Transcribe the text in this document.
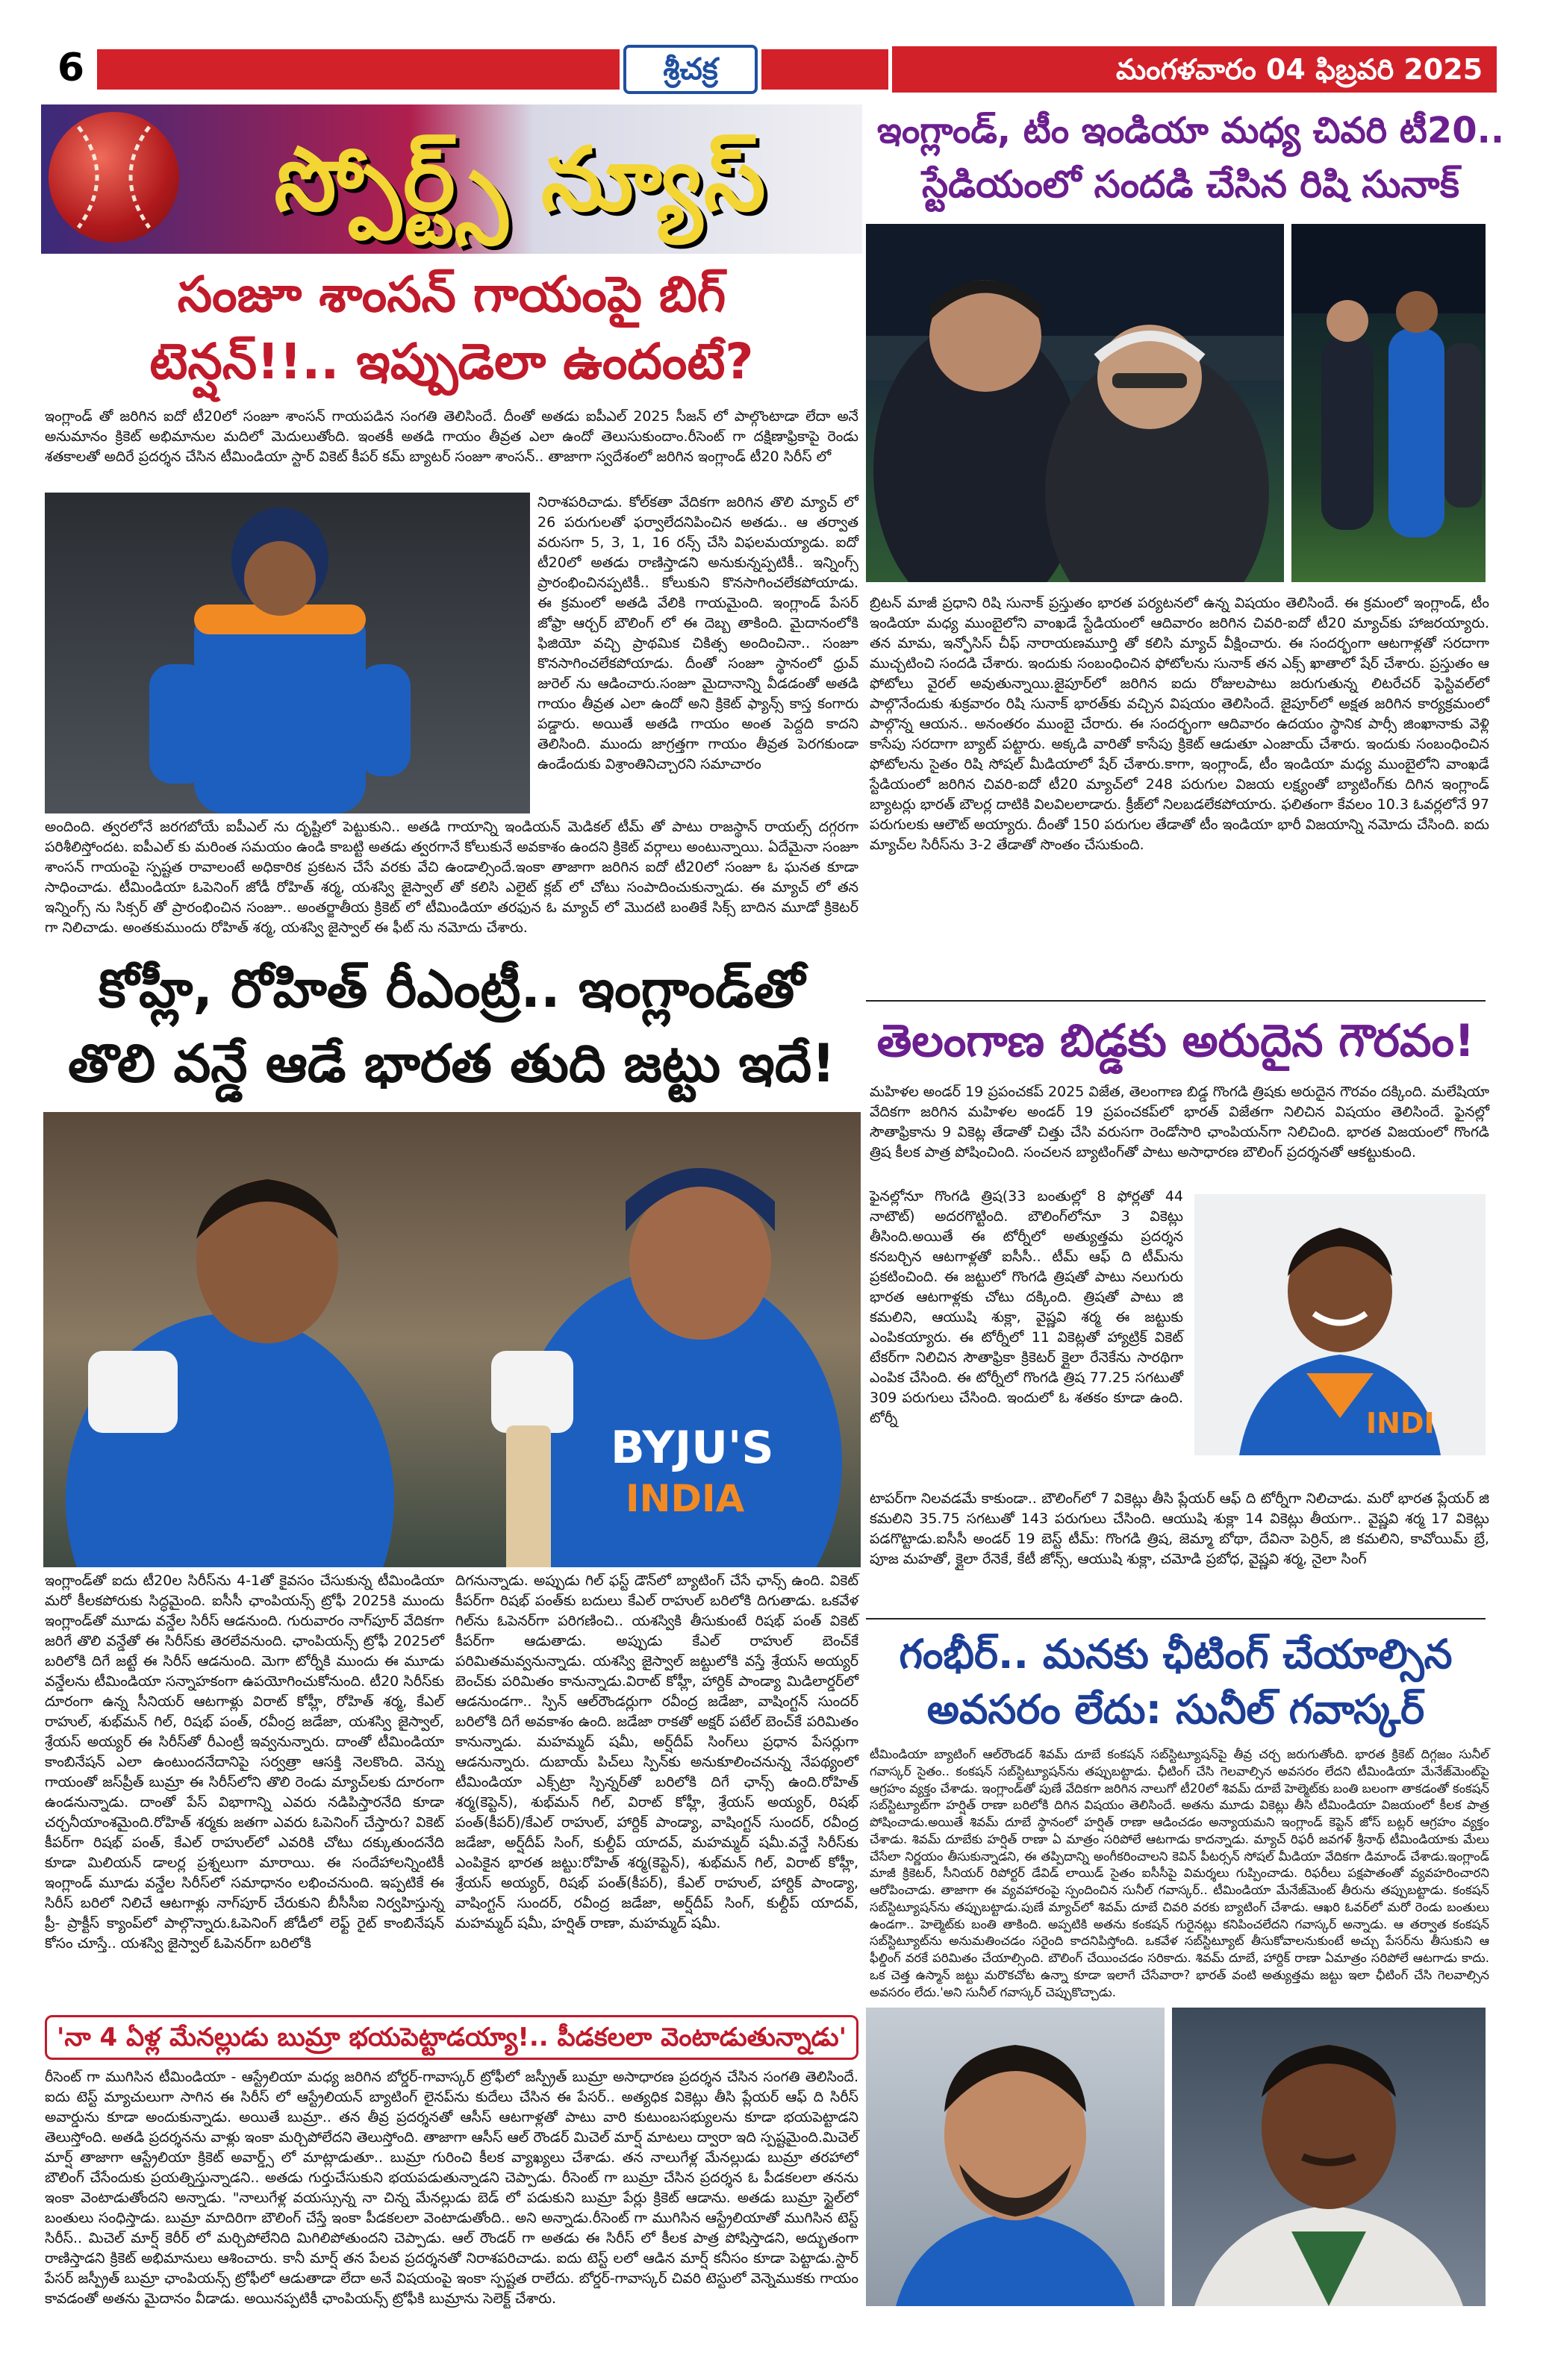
6	శ్రీచక్ర	మంగళవారం 04 ఫిబ్రవరి 2025
స్పోర్ట్స్ న్యూస్	ఇంగ్లాండ్, టీం ఇండియా మధ్య చివరి టీ20..
స్టేడియంలో సందడి చేసిన రిషి సునాక్
బ్రిటన్ మాజీ ప్రధాని రిషి సునాక్ ప్రస్తుతం భారత పర్యటనలో ఉన్న విషయం తెలిసిందే. ఈ క్రమంలో ఇంగ్లాండ్, టీం ఇండియా మధ్య ముంబైలోని వాంఖడే స్టేడియంలో ఆదివారం జరిగిన చివరి-ఐదో టీ20 మ్యాచ్‌కు హాజరయ్యారు. తన మామ, ఇన్ఫోసిస్ చీఫ్ నారాయణమూర్తి తో కలిసి మ్యాచ్ వీక్షించారు. ఈ సందర్భంగా ఆటగాళ్లతో సరదాగా ముచ్చటించి సందడి చేశారు. ఇందుకు సంబంధించిన ఫోటోలను సునాక్ తన ఎక్స్ ఖాతాలో షేర్ చేశారు. ప్రస్తుతం ఆ ఫోటోలు వైరల్ అవుతున్నాయి.జైపూర్‌లో జరిగిన ఐదు రోజులపాటు జరుగుతున్న లిటరేచర్ ఫెస్టివల్‌లో పాల్గొనేందుకు శుక్రవారం రిషి సునాక్ భారత్‌కు వచ్చిన విషయం తెలిసిందే. జైపూర్‌లో అక్షత జరిగిన కార్యక్రమంలో పాల్గొన్న ఆయన.. అనంతరం ముంబై చేరారు. ఈ సందర్భంగా ఆదివారం ఉదయం స్థానిక పార్సీ జింఖానాకు వెళ్లి కాసేపు సరదాగా బ్యాట్ పట్టారు. అక్కడి వారితో కాసేపు క్రికెట్ ఆడుతూ ఎంజాయ్ చేశారు. ఇందుకు సంబంధించిన ఫోటోలను సైతం రిషి సోషల్ మీడియాలో షేర్ చేశారు.కాగా, ఇంగ్లాండ్, టీం ఇండియా మధ్య ముంబైలోని వాంఖడే స్టేడియంలో జరిగిన చివరి-ఐదో టీ20 మ్యాచ్‌లో 248 పరుగుల విజయ లక్ష్యంతో బ్యాటింగ్‌కు దిగిన ఇంగ్లాండ్ బ్యాటర్లు భారత్ బౌలర్ల దాటికి విలవిలలాడారు. క్రీజ్‌లో నిలబడలేకపోయారు. ఫలితంగా కేవలం 10.3 ఓవర్లలోనే 97 పరుగులకు ఆలౌట్ అయ్యారు. దీంతో 150 పరుగుల తేడాతో టీం ఇండియా భారీ విజయాన్ని నమోదు చేసింది. ఐదు మ్యాచ్‌ల సిరీస్‌ను 3-2 తేడాతో సొంతం చేసుకుంది.
తెలంగాణ బిడ్డకు అరుదైన గౌరవం!
మహిళల అండర్ 19 ప్రపంచకప్ 2025 విజేత, తెలంగాణ బిడ్డ గొంగడి త్రిషకు అరుదైన గౌరవం దక్కింది. మలేషియా వేదికగా జరిగిన మహిళల అండర్ 19 ప్రపంచకప్‌లో భారత్ విజేతగా నిలిచిన విషయం తెలిసిందే. ఫైనల్లో సౌతాఫ్రికాను 9 వికెట్ల తేడాతో చిత్తు చేసి వరుసగా రెండోసారి ఛాంపియన్‌గా నిలిచింది. భారత విజయంలో గొంగడి త్రిష కీలక పాత్ర పోషించింది. సంచలన బ్యాటింగ్‌తో పాటు అసాధారణ బౌలింగ్ ప్రదర్శనతో ఆకట్టుకుంది.
ఫైనల్లోనూ గొంగడి త్రిష(33 బంతుల్లో 8 ఫోర్లతో 44 నాటౌట్) అదరగొట్టింది. బౌలింగ్‌లోనూ 3 వికెట్లు తీసింది.అయితే ఈ టోర్నీలో అత్యుత్తమ ప్రదర్శన కనబర్చిన ఆటగాళ్లతో ఐసీసీ.. టీమ్ ఆఫ్ ది టీమ్‌ను ప్రకటించింది. ఈ జట్టులో గొంగడి త్రిషతో పాటు నలుగురు భారత ఆటగాళ్లకు చోటు దక్కింది. త్రిషతో పాటు జి కమలిని, ఆయుషి శుక్లా, వైష్ణవి శర్మ ఈ జట్టుకు ఎంపికయ్యారు. ఈ టోర్నీలో 11 వికెట్లతో హ్యాట్రిక్ వికెట్ టేకర్‌గా నిలిచిన సౌతాఫ్రికా క్రికెటర్ క్లైలా రేనెకేను సారథిగా ఎంపిక చేసింది. ఈ టోర్నీలో గొంగడి త్రిష 77.25 సగటుతో 309 పరుగులు చేసింది. ఇందులో ఓ శతకం కూడా ఉంది. టోర్నీ	INDI
టాపర్‌గా నిలవడమే కాకుండా.. బౌలింగ్‌లో 7 వికెట్లు తీసి ప్లేయర్ ఆఫ్ ది టోర్నీగా నిలిచాడు. మరో భారత ప్లేయర్ జి కమలిని 35.75 సగటుతో 143 పరుగులు చేసింది. ఆయుషి శుక్లా 14 వికెట్లు తీయగా.. వైష్ణవి శర్మ 17 వికెట్లు పడగొట్టాడు.ఐసీసీ అండర్ 19 బెస్ట్ టీమ్: గొంగడి త్రిష, జెమ్మా బోథా, దేవినా పెర్రిన్, జి కమలిని, కావోయిమ్ బ్రే, పూజ మహతో, క్లైలా రేనెకే, కేటీ జోన్స్, ఆయుషి శుక్లా, చమోడి ప్రబోధ, వైష్ణవి శర్మ, నైలా సింగ్
గంభీర్.. మనకు ఛీటింగ్ చేయాల్సిన
అవసరం లేదు: సునీల్ గవాస్కర్
టీమిండియా బ్యాటింగ్ ఆల్‌రౌండర్ శివమ్ దూబే కంకషన్ సబ్‌స్టిట్యూషన్‌పై తీవ్ర చర్చ జరుగుతోంది. భారత క్రికెట్ దిగ్గజం సునీల్ గవాస్కర్ సైతం.. కంకషన్ సబ్‌స్టిట్యూషన్‌ను తప్పుబట్టాడు. ఛీటింగ్ చేసి గెలవాల్సిన అవసరం లేదని టీమిండియా మేనేజ్‌మెంట్‌పై ఆగ్రహం వ్యక్తం చేశాడు. ఇంగ్లాండ్‌తో పుణే వేదికగా జరిగిన నాలుగో టీ20లో శివమ్ దూబే హెల్మెట్‌కు బంతి బలంగా తాకడంతో కంకషన్ సబ్‌స్టిట్యూట్‌గా హర్షిత్ రాణా బరిలోకి దిగిన విషయం తెలిసిందే. అతను మూడు వికెట్లు తీసి టీమిండియా విజయంలో కీలక పాత్ర పోషించాడు.అయితే శివమ్ దూబే స్థానంలో హర్షిత్ రాణా ఆడించడం అన్యాయమని ఇంగ్లాండ్ కెప్టెన్ జోస్ బట్లర్ ఆగ్రహం వ్యక్తం చేశాడు. శివమ్ దూబేకు హర్షిత్ రాణా ఏ మాత్రం సరిపోలే ఆటగాడు కాదన్నాడు. మ్యాచ్ రిఫరీ జవగళ్ శ్రీనాథ్ టీమిండియాకు మేలు చేసేలా నిర్ణయం తీసుకున్నాడని, ఈ తప్పిదాన్ని అంగీకరించాలని కెవిన్ పీటర్సన్ సోషల్ మీడియా వేదికగా డిమాండ్ చేశాడు.ఇంగ్లాండ్ మాజీ క్రికెటర్, సీనియర్ రిపోర్టర్ డేవిడ్ లాయిడ్ సైతం ఐసీసీపై విమర్శలు గుప్పించాడు. రిఫరీలు పక్షపాతంతో వ్యవహరించారని ఆరోపించాడు. తాజాగా ఈ వ్యవహారంపై స్పందించిన సునీల్ గవాస్కర్.. టీమిండియా మేనేజ్‌మెంట్ తీరును తప్పుబట్టాడు. కంకషన్ సబ్‌స్టిట్యూషన్‌ను తప్పుబట్టాడు.పుణే మ్యాచ్‌లో శివమ్ దూబే చివరి వరకు బ్యాటింగ్ చేశాడు. ఆఖరి ఓవర్‌లో మరో రెండు బంతులు ఉండగా.. హెల్మెట్‌కు బంతి తాకింది. అప్పటికి అతను కంకషన్ గురైనట్లు కనిపించలేదని గవాస్కర్ అన్నాడు. ఆ తర్వాత కంకషన్ సబ్‌స్టిట్యూట్‌ను అనుమతించడం సరైంది కాదనిపిస్తోంది. ఒకవేళ సబ్‌స్టిట్యూట్ తీసుకోవాలనుకుంటే అచ్చు పేసర్‌ను తీసుకుని ఆ ఫీల్డింగ్ వరకే పరిమితం చేయాల్సింది. బౌలింగ్ చేయించడం సరికాదు. శివమ్ దూబే, హార్దిక్ రాణా ఏమాత్రం సరిపోలే ఆటగాడు కాదు. ఒక చెత్త ఉస్మాన్ జట్టు మరొకచోట ఉన్నా కూడా ఇలాగే చేసేవారా? భారత్ వంటి అత్యుత్తమ జట్టు ఇలా ఛీటింగ్ చేసి గెలవాల్సిన అవసరం లేదు.'అని సునీల్ గవాస్కర్ చెప్పుకొచ్చాడు.
సంజూ శాంసన్ గాయంపై బిగ్
టెన్షన్!!.. ఇప్పుడెలా ఉందంటే?
ఇంగ్లాండ్ తో జరిగిన ఐదో టీ20లో సంజూ శాంసన్ గాయపడిన సంగతి తెలిసిందే. దీంతో అతడు ఐపీఎల్ 2025 సీజన్ లో పాల్గొంటాడా లేదా అనే అనుమానం క్రికెట్ అభిమానుల మదిలో మెదులుతోంది. ఇంతకీ అతడి గాయం తీవ్రత ఎలా ఉందో తెలుసుకుందాం.రీసెంట్ గా దక్షిణాఫ్రికాపై రెండు శతకాలతో అదిరే ప్రదర్శన చేసిన టీమిండియా స్టార్ వికెట్ కీపర్ కమ్ బ్యాటర్ సంజూ శాంసన్.. తాజాగా స్వదేశంలో జరిగిన ఇంగ్లాండ్ టీ20 సిరీస్ లో
నిరాశపరిచాడు. కోల్‌కతా వేదికగా జరిగిన తొలి మ్యాచ్ లో 26 పరుగులతో ఫర్వాలేదనిపించిన అతడు.. ఆ తర్వాత వరుసగా 5, 3, 1, 16 రన్స్ చేసి విఫలమయ్యాడు. ఐదో టీ20లో అతడు రాణిస్తాడని అనుకున్నప్పటికీ.. ఇన్నింగ్స్ ప్రారంభించినప్పటికీ.. కోలుకుని కొనసాగించలేకపోయాడు. ఈ క్రమంలో అతడి వేలికి గాయమైంది. ఇంగ్లాండ్ పేసర్ జోఫ్రా ఆర్చర్ బౌలింగ్ లో ఈ దెబ్బ తాకింది. మైదానంలోకి ఫిజియో వచ్చి ప్రాథమిక చికిత్స అందించినా.. సంజూ కొనసాగించలేకపోయాడు. దీంతో సంజూ స్థానంలో ధ్రువ్ జురెల్ ను ఆడించారు.సంజూ మైదానాన్ని వీడడంతో అతడి గాయం తీవ్రత ఎలా ఉందో అని క్రికెట్ ఫ్యాన్స్ కాస్త కంగారు పడ్డారు. అయితే అతడి గాయం అంత పెద్దది కాదని తెలిసింది. ముందు జాగ్రత్తగా గాయం తీవ్రత పెరగకుండా ఉండేందుకు విశ్రాంతినిచ్చారని సమాచారం
అందింది. త్వరలోనే జరగబోయే ఐపీఎల్ ను దృష్టిలో పెట్టుకుని.. అతడి గాయాన్ని ఇండియన్ మెడికల్ టీమ్ తో పాటు రాజస్థాన్ రాయల్స్ దగ్గరగా పరిశీలిస్తోందట. ఐపీఎల్ కు మరింత సమయం ఉండి కాబట్టి అతడు త్వరగానే కోలుకునే అవకాశం ఉందని క్రికెట్ వర్గాలు అంటున్నాయి. ఏదేమైనా సంజూ శాంసన్ గాయంపై స్పష్టత రావాలంటే అధికారిక ప్రకటన చేసే వరకు వేచి ఉండాల్సిందే.ఇంకా తాజాగా జరిగిన ఐదో టీ20లో సంజూ ఓ ఘనత కూడా సాధించాడు. టీమిండియా ఓపెనింగ్ జోడీ రోహిత్ శర్మ, యశస్వి జైస్వాల్ తో కలిసి ఎలైట్ క్లబ్ లో చోటు సంపాదించుకున్నాడు. ఈ మ్యాచ్ లో తన ఇన్నింగ్స్ ను సిక్సర్ తో ప్రారంభించిన సంజూ.. అంతర్జాతీయ క్రికెట్ లో టీమిండియా తరఫున ఓ మ్యాచ్ లో మొదటి బంతికే సిక్స్ బాదిన మూడో క్రికెటర్ గా నిలిచాడు. అంతకుముందు రోహిత్ శర్మ, యశస్వి జైస్వాల్ ఈ ఫీట్ ను నమోదు చేశారు.
కోహ్లీ, రోహిత్ రీఎంట్రీ.. ఇంగ్లాండ్‌తో
తొలి వన్డే ఆడే భారత తుది జట్టు ఇదే!
BYJU'S
INDIA
ఇంగ్లాండ్‌తో ఐదు టీ20ల సిరీస్‌ను 4-1తో కైవసం చేసుకున్న టీమిండియా మరో కీలకపోరుకు సిద్ధమైంది. ఐసీసీ ఛాంపియన్స్ ట్రోఫీ 2025కి ముందు ఇంగ్లాండ్‌తో మూడు వన్డేల సిరీస్ ఆడనుంది. గురువారం నాగ్‌పూర్ వేదికగా జరిగే తొలి వన్డేతో ఈ సిరీస్‌కు తెరలేవనుంది. ఛాంపియన్స్ ట్రోఫీ 2025లో బరిలోకి దిగే జట్టే ఈ సిరీస్ ఆడనుంది. మెగా టోర్నీకి ముందు ఈ మూడు వన్డేలను టీమిండియా సన్నాహకంగా ఉపయోగించుకోనుంది. టీ20 సిరీస్‌కు దూరంగా ఉన్న సీనియర్ ఆటగాళ్లు విరాట్ కోహ్లీ, రోహిత్ శర్మ, కేఎల్ రాహుల్, శుభ్‌మన్ గిల్, రిషభ్ పంత్, రవీంద్ర జడేజా, యశస్వి జైస్వాల్, శ్రేయస్ అయ్యర్ ఈ సిరీస్‌తో రీఎంట్రీ ఇవ్వనున్నారు. దాంతో టీమిండియా కాంబినేషన్ ఎలా ఉంటుందనేదానిపై సర్వత్రా ఆసక్తి నెలకొంది. వెన్ను గాయంతో జస్‌ప్రీత్ బుమ్రా ఈ సిరీస్‌లోని తొలి రెండు మ్యాచ్‌లకు దూరంగా ఉండనున్నాడు. దాంతో పేస్ విభాగాన్ని ఎవరు నడిపిస్తారనేది కూడా చర్చనీయాంశమైంది.రోహిత్ శర్మకు జతగా ఎవరు ఓపెనింగ్ చేస్తారు? వికెట్ కీపర్‌గా రిషభ్ పంత్, కేఎల్ రాహుల్‌లో ఎవరికి చోటు దక్కుతుందనేది కూడా మిలియన్ డాలర్ల ప్రశ్నలుగా మారాయి. ఈ సందేహాలన్నింటికీ ఇంగ్లాండ్ మూడు వన్డేల సిరీస్‌లో సమాధానం లభించనుంది. ఇప్పటికే ఈ సిరీస్ బరిలో నిలిచే ఆటగాళ్లు నాగ్‌పూర్ చేరుకుని బీసీసీఐ నిర్వహిస్తున్న ప్రీ- ప్రాక్టీస్ క్యాంప్‌లో పాల్గొన్నారు.ఓపెనింగ్ జోడీలో లెఫ్ట్ రైట్ కాంబినేషన్ కోసం చూస్తే.. యశస్వి జైస్వాల్ ఓపెనర్‌గా బరిలోకి
దిగనున్నాడు. అప్పుడు గిల్ ఫస్ట్ డౌన్‌లో బ్యాటింగ్ చేసే ఛాన్స్ ఉంది. వికెట్ కీపర్‌గా రిషభ్ పంత్‌కు బదులు కేఎల్ రాహుల్ బరిలోకి దిగుతాడు. ఒకవేళ గిల్‌ను ఓపెనర్‌గా పరిగణించి.. యశస్వికి తీసుకుంటే రిషభ్ పంత్ వికెట్ కీపర్‌గా ఆడుతాడు. అప్పుడు కేఎల్ రాహుల్ బెంచ్‌కే పరిమితమవ్వనున్నాడు. యశస్వి జైస్వాల్ జట్టులోకి వస్తే శ్రేయస్ అయ్యర్ బెంచ్‌కు పరిమితం కానున్నాడు.విరాట్ కోహ్లీ, హార్దిక్ పాండ్యా మిడిలార్డర్‌లో ఆడనుండగా.. స్పిన్ ఆల్‌రౌండర్లుగా రవీంద్ర జడేజా, వాషింగ్టన్ సుందర్ బరిలోకి దిగే అవకాశం ఉంది. జడేజా రాకతో అక్షర్ పటేల్ బెంచ్‌కే పరిమితం కానున్నాడు. మహమ్మద్ షమీ, అర్ష్‌దీప్ సింగ్‌లు ప్రధాన పేసర్లుగా ఆడనున్నారు. దుబాయ్ పిచ్‌లు స్పిన్‌కు అనుకూలించనున్న నేపథ్యంలో టీమిండియా ఎక్స్‌ట్రా స్పిన్నర్‌తో బరిలోకి దిగే ఛాన్స్ ఉంది.రోహిత్ శర్మ(కెప్టెన్), శుభ్‌మన్ గిల్, విరాట్ కోహ్లీ, శ్రేయస్ అయ్యర్, రిషభ్ పంత్(కీపర్)/కేఎల్ రాహుల్, హార్దిక్ పాండ్యా, వాషింగ్టన్ సుందర్, రవీంద్ర జడేజా, అర్ష్‌దీప్ సింగ్, కుల్దీప్ యాదవ్, మహమ్మద్ షమీ.వన్డే సిరీస్‌కు ఎంపికైన భారత జట్టు:రోహిత్ శర్మ(కెప్టెన్), శుభ్‌మన్ గిల్, విరాట్ కోహ్లీ, శ్రేయస్ అయ్యర్, రిషభ్ పంత్(కీపర్), కేఎల్ రాహుల్, హార్దిక్ పాండ్యా, వాషింగ్టన్ సుందర్, రవీంద్ర జడేజా, అర్ష్‌దీప్ సింగ్, కుల్దీప్ యాదవ్, మహమ్మద్ షమీ, హర్షిత్ రాణా, మహమ్మద్ షమీ.
'నా 4 ఏళ్ల మేనల్లుడు బుమ్రా భయపెట్టాడయ్యా!.. పీడకలలా వెంటాడుతున్నాడు'
రీసెంట్ గా ముగిసిన టీమిండియా - ఆస్ట్రేలియా మధ్య జరిగిన బోర్డర్-గావాస్కర్ ట్రోఫీలో జస్ప్రీత్ బుమ్రా అసాధారణ ప్రదర్శన చేసిన సంగతి తెలిసిందే. ఐదు టెస్ట్ మ్యాచులుగా సాగిన ఈ సిరీస్ లో ఆస్ట్రేలియన్ బ్యాటింగ్ లైనప్‌ను కుదేలు చేసిన ఈ పేసర్.. అత్యధిక వికెట్లు తీసి ప్లేయర్ ఆఫ్ ది సిరీస్ అవార్డును కూడా అందుకున్నాడు. అయితే బుమ్రా.. తన తీవ్ర ప్రదర్శనతో ఆసీస్ ఆటగాళ్లతో పాటు వారి కుటుంబసభ్యులను కూడా భయపెట్టాడని తెలుస్తోంది. అతడి ప్రదర్శనను వాళ్లు ఇంకా మర్చిపోలేదని తెలుస్తోంది. తాజాగా ఆసీస్ ఆల్ రౌండర్ మిచెల్ మార్ష్ మాటలు ద్వారా ఇది స్పష్టమైంది.మిచెల్ మార్ష్ తాజాగా ఆస్ట్రేలియా క్రికెట్ అవార్డ్స్ లో మాట్లాడుతూ.. బుమ్రా గురించి కీలక వ్యాఖ్యలు చేశాడు. తన నాలుగేళ్ల మేనల్లుడు బుమ్రా తరహాలో బౌలింగ్ చేసేందుకు ప్రయత్నిస్తున్నాడని.. అతడు గుర్తుచేసుకుని భయపడుతున్నాడని చెప్పాడు. రీసెంట్ గా బుమ్రా చేసిన ప్రదర్శన ఓ పీడకలలా తనను ఇంకా వెంటాడుతోందని అన్నాడు. "నాలుగేళ్ల వయస్సున్న నా చిన్న మేనల్లుడు బెడ్ లో పడుకుని బుమ్రా పేర్లు క్రికెట్ ఆడాను. అతడు బుమ్రా స్టైల్‌లో బంతులు సంధిస్తాడు. బుమ్రా మాదిరిగా బౌలింగ్ చేస్తే ఇంకా పీడకలలా వెంటాడుతోంది.. అని అన్నాడు.రీసెంట్ గా ముగిసిన ఆస్ట్రేలియాతో ముగిసిన టెస్ట్ సిరీస్.. మిచెల్ మార్ష్ కెరీర్ లో మర్చిపోలేనిది మిగిలిపోతుందని చెప్పాడు. ఆల్ రౌండర్ గా అతడు ఈ సిరీస్ లో కీలక పాత్ర పోషిస్తాడని, అద్భుతంగా రాణిస్తాడని క్రికెట్ అభిమానులు ఆశించారు. కానీ మార్ష్ తన పేలవ ప్రదర్శనతో నిరాశపరిచాడు. ఐదు టెస్ట్ లలో ఆడిన మార్ష్ కనీసం కూడా పెట్టాడు.స్టార్ పేసర్ జస్ప్రీత్ బుమ్రా ఛాంపియన్స్ ట్రోఫీలో ఆడుతాడా లేదా అనే విషయంపై ఇంకా స్పష్టత రాలేదు. బోర్డర్-గావాస్కర్ చివరి టెస్టులో వెన్నెముకకు గాయం కావడంతో అతను మైదానం వీడాడు. అయినప్పటికీ ఛాంపియన్స్ ట్రోఫీకి బుమ్రాను సెలెక్ట్ చేశారు.
